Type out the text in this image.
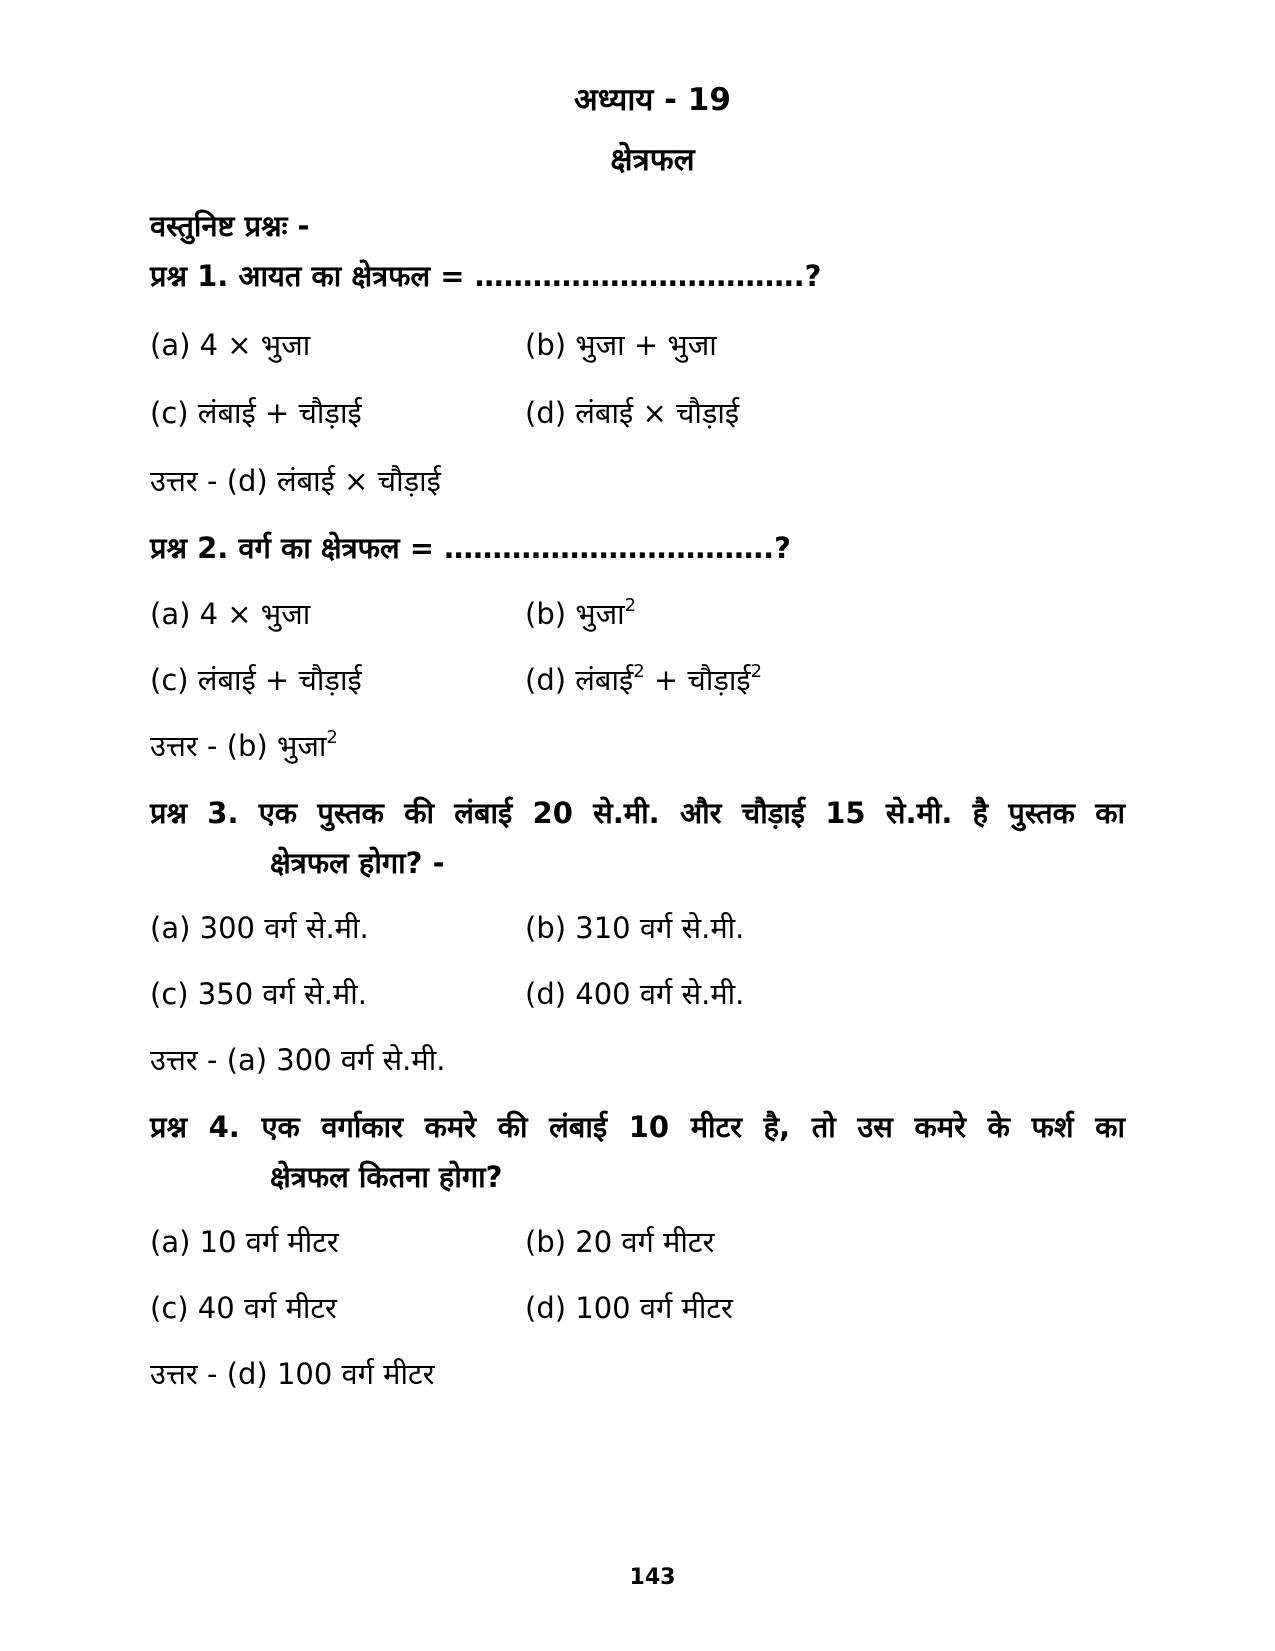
अध्याय - 19
क्षेत्रफल
वस्तुनिष्ट प्रश्नः -
प्रश्न 1. आयत का क्षेत्रफल = …………………………….?
(a) 4 × भुजा	(b) भुजा + भुजा
(c) लंबाई + चौड़ाई	(d) लंबाई × चौड़ाई
उत्तर - (d) लंबाई × चौड़ाई
प्रश्न 2. वर्ग का क्षेत्रफल = …………………………….?
(a) 4 × भुजा	(b) भुजा$^2$
(c) लंबाई + चौड़ाई	(d) लंबाई$^2$ + चौड़ाई$^2$
उत्तर - (b) भुजा$^2$
प्रश्न 3. एक पुस्तक की लंबाई 20 से.मी. और चौड़ाई 15 से.मी. है पुस्तक का
क्षेत्रफल होगा? -
(a) 300 वर्ग से.मी.	(b) 310 वर्ग से.मी.
(c) 350 वर्ग से.मी.	(d) 400 वर्ग से.मी.
उत्तर - (a) 300 वर्ग से.मी.
प्रश्न 4. एक वर्गाकार कमरे की लंबाई 10 मीटर है, तो उस कमरे के फर्श का
क्षेत्रफल कितना होगा?
(a) 10 वर्ग मीटर	(b) 20 वर्ग मीटर
(c) 40 वर्ग मीटर	(d) 100 वर्ग मीटर
उत्तर - (d) 100 वर्ग मीटर
143
